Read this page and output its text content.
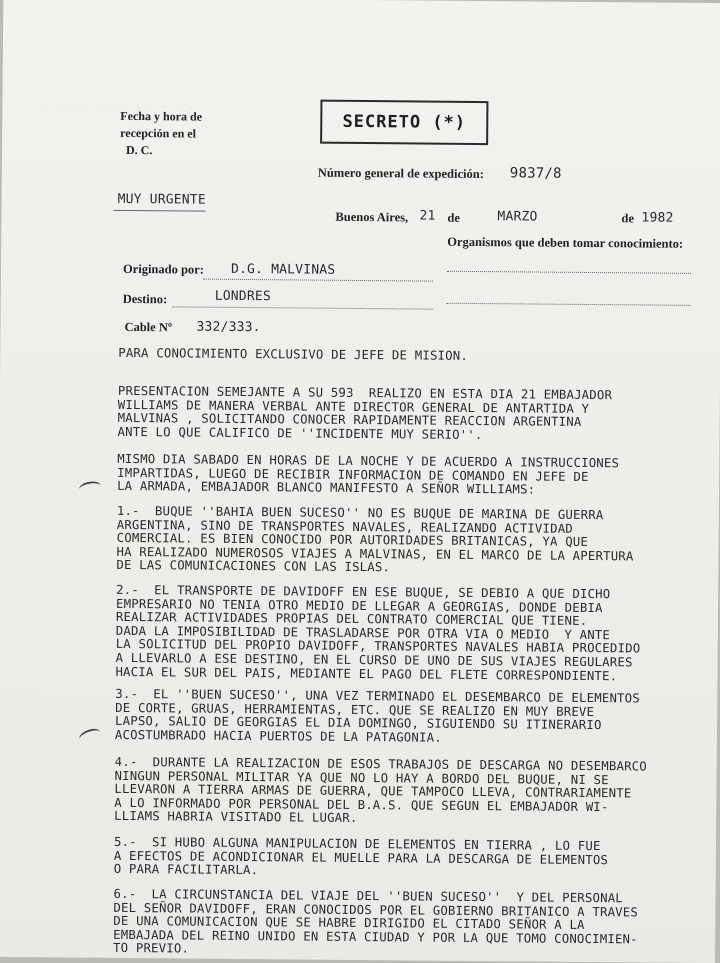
. . . . . . . . . . . .
Fecha y hora de
recepción en el
D. C.
SECRETO (*)
Número general de expedición: 9837/8
MUY URGENTE
Buenos Aires, 21 de	MARZO	de 1982
Organismos que deben tomar conocimiento:
Originado por: D.G. MALVINAS
Destino:	LONDRES
Cable Nº 332/333.
PARA CONOCIMIENTO EXCLUSIVO DE JEFE DE MISION.
PRESENTACION SEMEJANTE A SU 593  REALIZO EN ESTA DIA 21 EMBAJADOR
WILLIAMS DE MANERA VERBAL ANTE DIRECTOR GENERAL DE ANTARTIDA Y
MALVINAS , SOLICITANDO CONOCER RAPIDAMENTE REACCION ARGENTINA
ANTE LO QUE CALIFICO DE ''INCIDENTE MUY SERIO''.
MISMO DIA SABADO EN HORAS DE LA NOCHE Y DE ACUERDO A INSTRUCCIONES
IMPARTIDAS, LUEGO DE RECIBIR INFORMACION DE COMANDO EN JEFE DE
LA ARMADA, EMBAJADOR BLANCO MANIFESTO A SEÑOR WILLIAMS:
1.-  BUQUE ''BAHIA BUEN SUCESO'' NO ES BUQUE DE MARINA DE GUERRA
ARGENTINA, SINO DE TRANSPORTES NAVALES, REALIZANDO ACTIVIDAD
COMERCIAL. ES BIEN CONOCIDO POR AUTORIDADES BRITANICAS, YA QUE
HA REALIZADO NUMEROSOS VIAJES A MALVINAS, EN EL MARCO DE LA APERTURA
DE LAS COMUNICACIONES CON LAS ISLAS.
2.-  EL TRANSPORTE DE DAVIDOFF EN ESE BUQUE, SE DEBIO A QUE DICHO
EMPRESARIO NO TENIA OTRO MEDIO DE LLEGAR A GEORGIAS, DONDE DEBIA
REALIZAR ACTIVIDADES PROPIAS DEL CONTRATO COMERCIAL QUE TIENE.
DADA LA IMPOSIBILIDAD DE TRASLADARSE POR OTRA VIA O MEDIO  Y ANTE
LA SOLICITUD DEL PROPIO DAVIDOFF, TRANSPORTES NAVALES HABIA PROCEDIDO
A LLEVARLO A ESE DESTINO, EN EL CURSO DE UNO DE SUS VIAJES REGULARES
HACIA EL SUR DEL PAIS, MEDIANTE EL PAGO DEL FLETE CORRESPONDIENTE.
3.-  EL ''BUEN SUCESO'', UNA VEZ TERMINADO EL DESEMBARCO DE ELEMENTOS
DE CORTE, GRUAS, HERRAMIENTAS, ETC. QUE SE REALIZO EN MUY BREVE
LAPSO, SALIO DE GEORGIAS EL DIA DOMINGO, SIGUIENDO SU ITINERARIO
ACOSTUMBRADO HACIA PUERTOS DE LA PATAGONIA.
4.-  DURANTE LA REALIZACION DE ESOS TRABAJOS DE DESCARGA NO DESEMBARCO
NINGUN PERSONAL MILITAR YA QUE NO LO HAY A BORDO DEL BUQUE, NI SE
LLEVARON A TIERRA ARMAS DE GUERRA, QUE TAMPOCO LLEVA, CONTRARIAMENTE
A LO INFORMADO POR PERSONAL DEL B.A.S. QUE SEGUN EL EMBAJADOR WI-
LLIAMS HABRIA VISITADO EL LUGAR.
5.-  SI HUBO ALGUNA MANIPULACION DE ELEMENTOS EN TIERRA , LO FUE
A EFECTOS DE ACONDICIONAR EL MUELLE PARA LA DESCARGA DE ELEMENTOS
O PARA FACILITARLA.
6.-  LA CIRCUNSTANCIA DEL VIAJE DEL ''BUEN SUCESO''  Y DEL PERSONAL
DEL SEÑOR DAVIDOFF, ERAN CONOCIDOS POR EL GOBIERNO BRITANICO A TRAVES
DE UNA COMUNICACION QUE SE HABRE DIRIGIDO EL CITADO SEÑOR A LA
EMBAJADA DEL REINO UNIDO EN ESTA CIUDAD Y POR LA QUE TOMO CONOCIMIEN-
TO PREVIO.
